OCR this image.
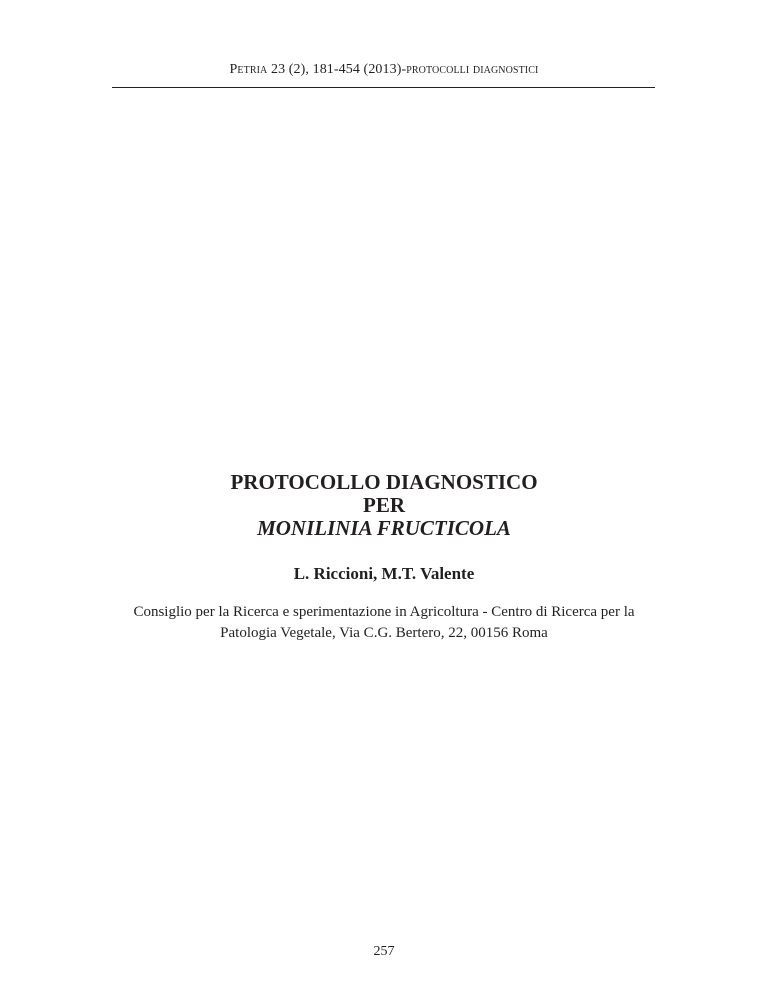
Petria 23 (2), 181-454 (2013)-protocolli diagnostici
PROTOCOLLO DIAGNOSTICO
PER
MONILINIA FRUCTICOLA
L. Riccioni, M.T. Valente
Consiglio per la Ricerca e sperimentazione in Agricoltura - Centro di Ricerca per la
Patologia Vegetale, Via C.G. Bertero, 22, 00156 Roma
257
